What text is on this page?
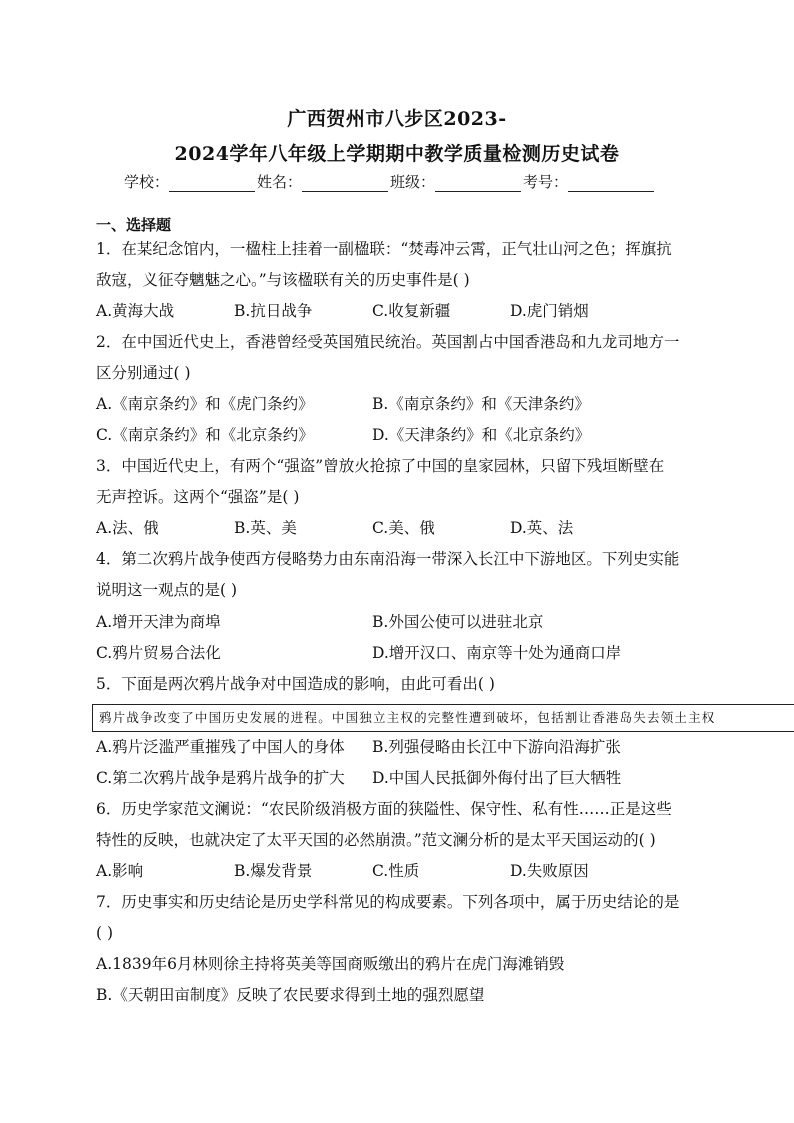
广西贺州市八步区2023-
2024学年八年级上学期期中教学质量检测历史试卷
学校：	姓名：	班级：	考号：
一、选择题
1．在某纪念馆内，一楹柱上挂着一副楹联：“焚毒冲云霄，正气壮山河之色；挥旗抗
敌寇，义征夺魑魅之心。”与该楹联有关的历史事件是( )
A.黄海大战	B.抗日战争	C.收复新疆	D.虎门销烟
2．在中国近代史上，香港曾经受英国殖民统治。英国割占中国香港岛和九龙司地方一
区分别通过( )
A.《南京条约》和《虎门条约》	B.《南京条约》和《天津条约》
C.《南京条约》和《北京条约》	D.《天津条约》和《北京条约》
3．中国近代史上，有两个“强盗”曾放火抢掠了中国的皇家园林，只留下残垣断壁在
无声控诉。这两个“强盗”是( )
A.法、俄	B.英、美	C.美、俄	D.英、法
4．第二次鸦片战争使西方侵略势力由东南沿海一带深入长江中下游地区。下列史实能
说明这一观点的是( )
A.增开天津为商埠	B.外国公使可以进驻北京
C.鸦片贸易合法化	D.增开汉口、南京等十处为通商口岸
5．下面是两次鸦片战争对中国造成的影响，由此可看出( )
鸦片战争改变了中国历史发展的进程。中国独立主权的完整性遭到破坏，包括割让香港岛失去领土主权
A.鸦片泛滥严重摧残了中国人的身体 B.列强侵略由长江中下游向沿海扩张
C.第二次鸦片战争是鸦片战争的扩大 D.中国人民抵御外侮付出了巨大牺牲
6．历史学家范文澜说：“农民阶级消极方面的狭隘性、保守性、私有性……正是这些
特性的反映，也就决定了太平天国的必然崩溃。”范文澜分析的是太平天国运动的( )
A.影响	B.爆发背景	C.性质	D.失败原因
7．历史事实和历史结论是历史学科常见的构成要素。下列各项中，属于历史结论的是
( )
A.1839年6月林则徐主持将英美等国商贩缴出的鸦片在虎门海滩销毁
B.《天朝田亩制度》反映了农民要求得到土地的强烈愿望
